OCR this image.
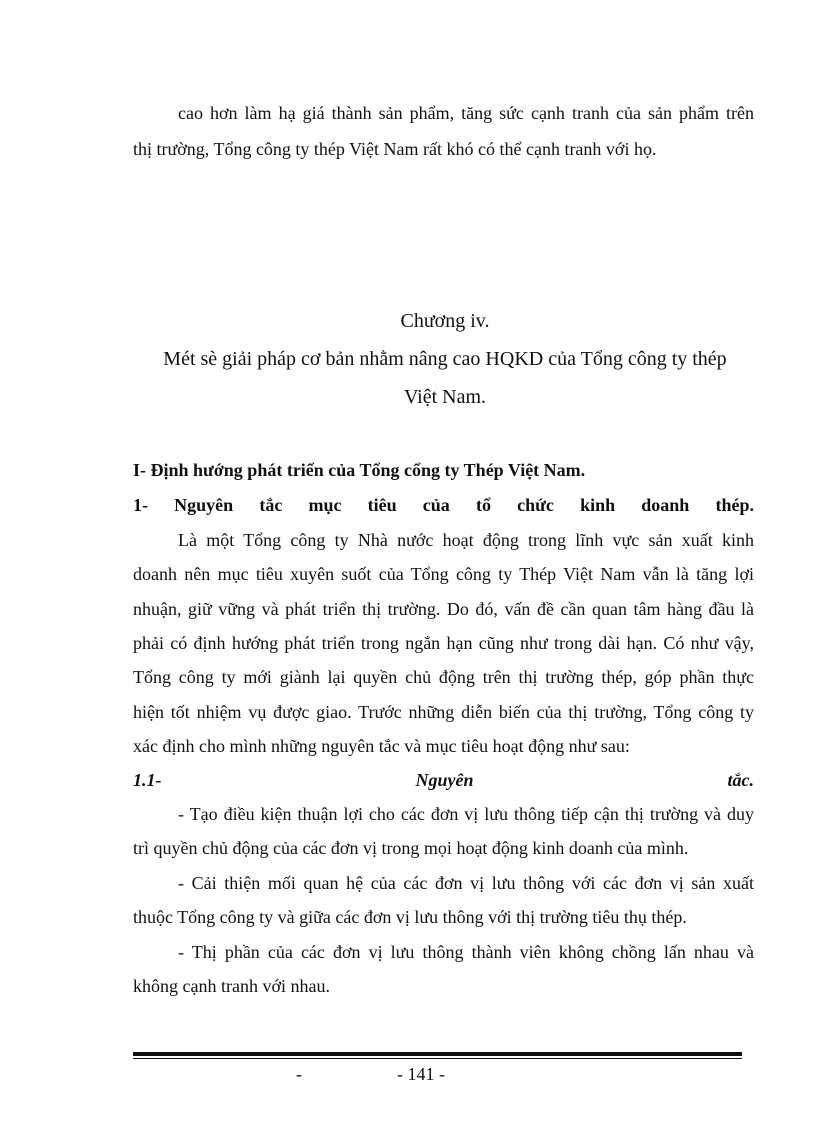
cao hơn làm hạ giá thành sản phẩm, tăng sức cạnh tranh của sản phẩm trên
thị trường, Tổng công ty thép Việt Nam rất khó có thể cạnh tranh với họ.
Chương iv.
Mét sè giải pháp cơ bản nhằm nâng cao HQKD của Tổng công ty thép
Việt Nam.
I- Định hướng phát triển của Tổng cổng ty Thép Việt Nam.
1- Nguyên tắc mục tiêu của tổ chức kinh doanh thép.
Là một Tổng công ty Nhà nước hoạt động trong lĩnh vực sản xuất kinh
doanh nên mục tiêu xuyên suốt của Tổng công ty Thép Việt Nam vẫn là tăng lợi
nhuận, giữ vững và phát triển thị trường. Do đó, vấn đề cần quan tâm hàng đầu là
phải có định hướng phát triển trong ngắn hạn cũng như trong dài hạn. Có như vậy,
Tổng công ty mới giành lại quyền chủ động trên thị trường thép, góp phần thực
hiện tốt nhiệm vụ được giao. Trước những diễn biến của thị trường, Tổng công ty
xác định cho mình những nguyên tắc và mục tiêu hoạt động như sau:
1.1-	Nguyên	tắc.
- Tạo điều kiện thuận lợi cho các đơn vị lưu thông tiếp cận thị trường và duy
trì quyền chủ động của các đơn vị trong mọi hoạt động kinh doanh của mình.
- Cải thiện mối quan hệ của các đơn vị lưu thông với các đơn vị sản xuất
thuộc Tổng công ty và giữa các đơn vị lưu thông với thị trường tiêu thụ thép.
- Thị phần của các đơn vị lưu thông thành viên không chồng lấn nhau và
không cạnh tranh với nhau.
-	- 141 -
